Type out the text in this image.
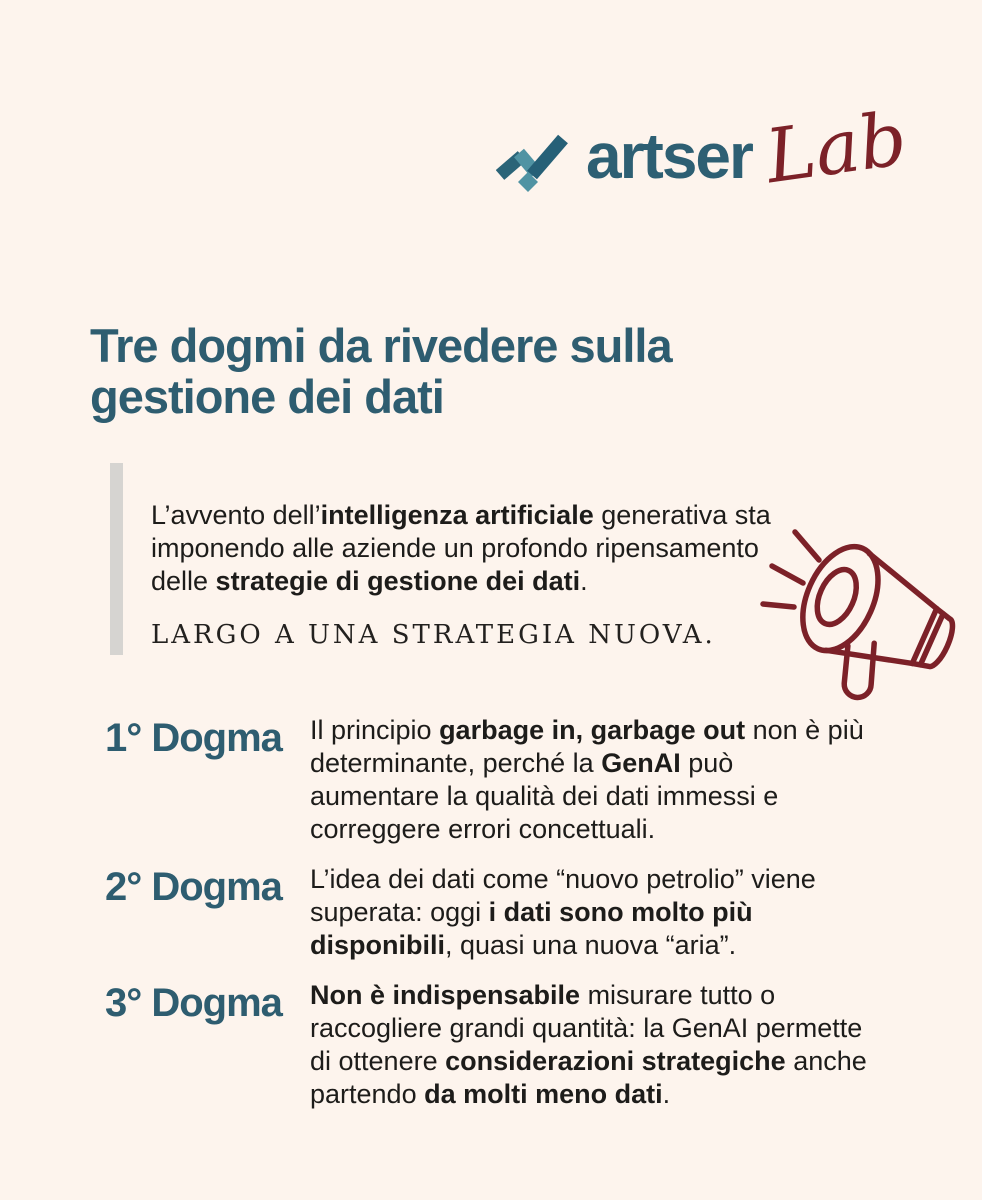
artser Lab
Tre dogmi da rivedere sulla
gestione dei dati

L’avvento dell’intelligenza artificiale generativa sta
imponendo alle aziende un profondo ripensamento
delle strategie di gestione dei dati.

LARGO A UNA STRATEGIA NUOVA.

1° Dogma	Il principio garbage in, garbage out non è più
determinante, perché la GenAI può
aumentare la qualità dei dati immessi e
correggere errori concettuali.
2° Dogma	L’idea dei dati come “nuovo petrolio” viene
superata: oggi i dati sono molto più
disponibili, quasi una nuova “aria”.
3° Dogma	Non è indispensabile misurare tutto o
raccogliere grandi quantità: la GenAI permette
di ottenere considerazioni strategiche anche
partendo da molti meno dati.
